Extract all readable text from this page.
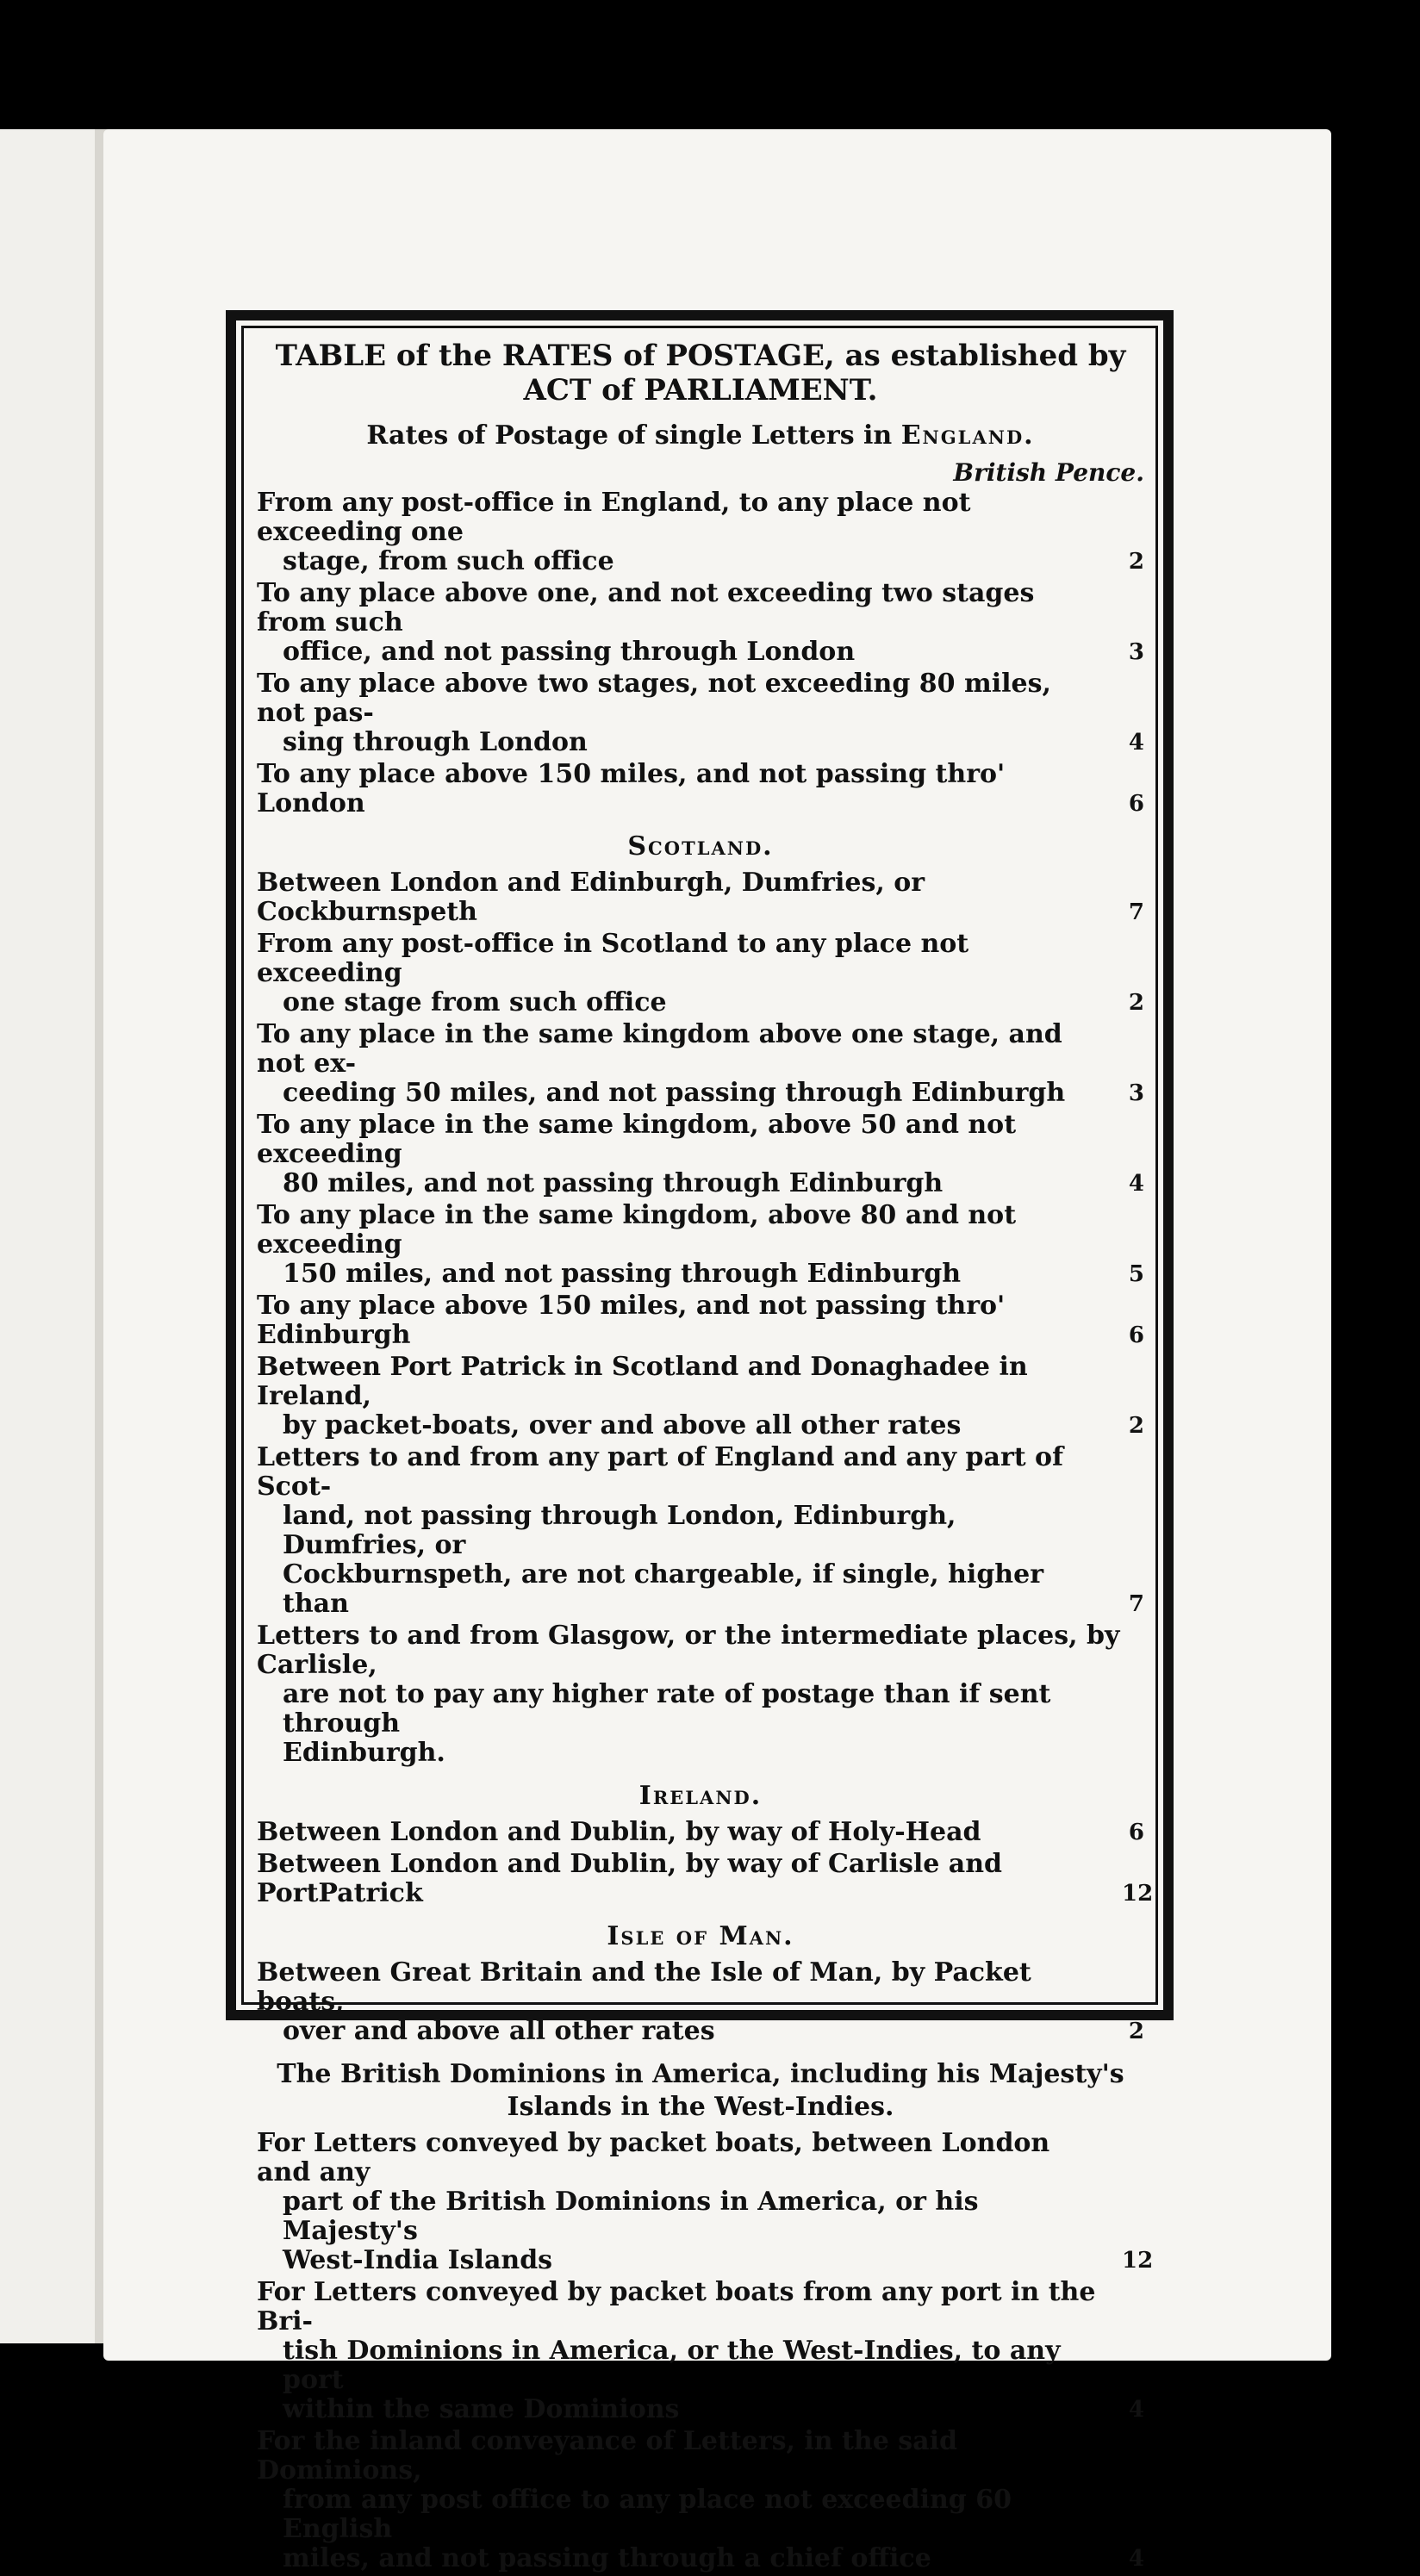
TABLE of the RATES of POSTAGE, as established by ACT of PARLIAMENT.

Rates of Postage of single Letters in England.
British Pence.
From any post-office in England, to any place not exceeding one
stage, from such office	2
To any place above one, and not exceeding two stages from such
office, and not passing through London	3
To any place above two stages, not exceeding 80 miles, not pas-
sing through London	4
To any place above 150 miles, and not passing thro' London	6
Scotland.
Between London and Edinburgh, Dumfries, or Cockburnspeth	7
From any post-office in Scotland to any place not exceeding
one stage from such office	2
To any place in the same kingdom above one stage, and not ex-
ceeding 50 miles, and not passing through Edinburgh	3
To any place in the same kingdom, above 50 and not exceeding
80 miles, and not passing through Edinburgh	4
To any place in the same kingdom, above 80 and not exceeding
150 miles, and not passing through Edinburgh	5
To any place above 150 miles, and not passing thro' Edinburgh	6
Between Port Patrick in Scotland and Donaghadee in Ireland,
by packet-boats, over and above all other rates	2
Letters to and from any part of England and any part of Scot-
land, not passing through London, Edinburgh, Dumfries, or
Cockburnspeth, are not chargeable, if single, higher than	7
Letters to and from Glasgow, or the intermediate places, by Carlisle,
are not to pay any higher rate of postage than if sent through
Edinburgh.
Ireland.
Between London and Dublin, by way of Holy-Head	6
Between London and Dublin, by way of Carlisle and PortPatrick	12
Isle of Man.
Between Great Britain and the Isle of Man, by Packet boats,
over and above all other rates	2
The British Dominions in America, including his Majesty's
Islands in the West-Indies.
For Letters conveyed by packet boats, between London and any
part of the British Dominions in America, or his Majesty's
West-India Islands	12
For Letters conveyed by packet boats from any port in the Bri-
tish Dominions in America, or the West-Indies, to any port
within the same Dominions	4
For the inland conveyance of Letters, in the said Dominions,
from any post office to any place not exceeding 60 English
miles, and not passing through a chief office	4
